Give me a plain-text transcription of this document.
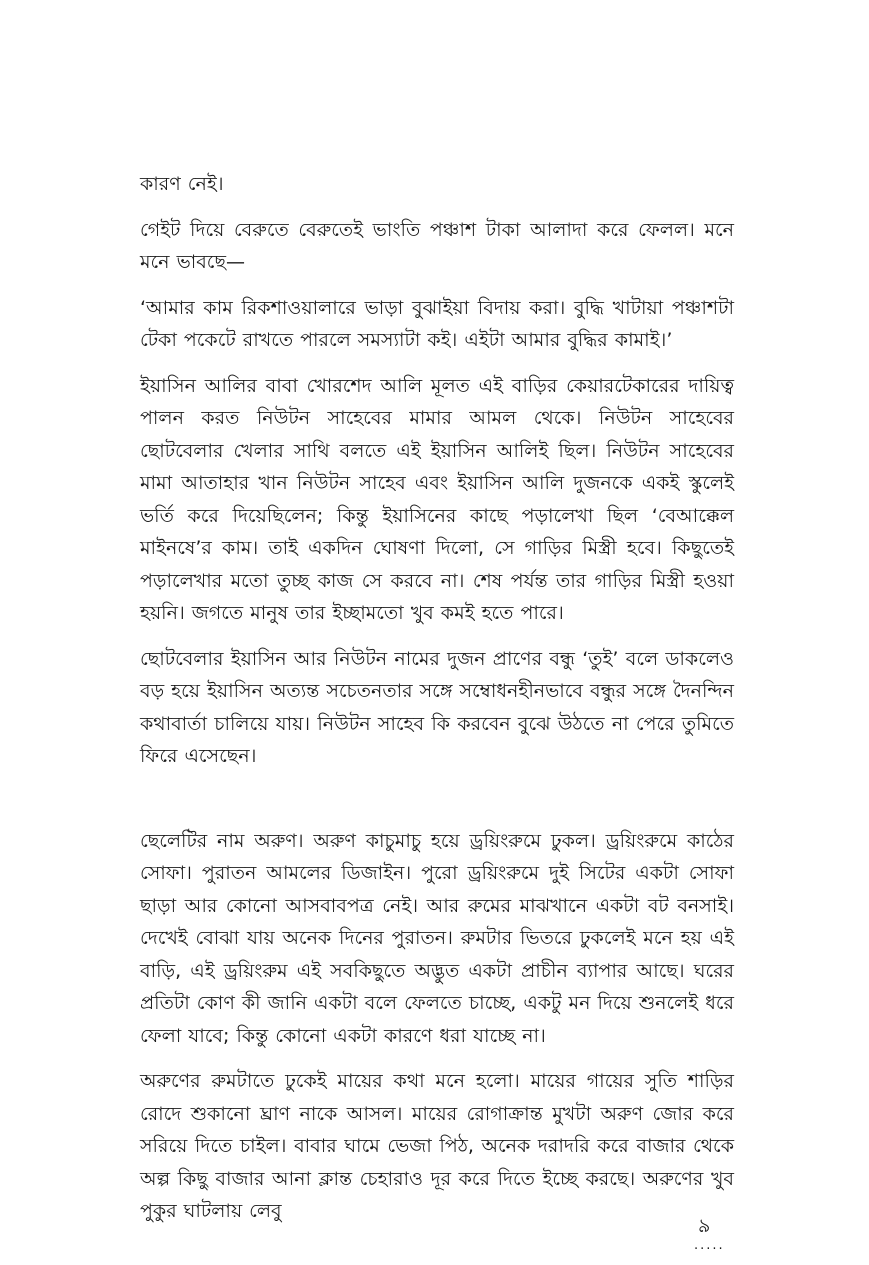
কারণ নেই।

গেইট দিয়ে বেরুতে বেরুতেই ভাংতি পঞ্চাশ টাকা আলাদা করে ফেলল। মনে মনে ভাবছে—

‘আমার কাম রিকশাওয়ালারে ভাড়া বুঝাইয়া বিদায় করা। বুদ্ধি খাটায়া পঞ্চাশটা টেকা পকেটে রাখতে পারলে সমস্যাটা কই। এইটা আমার বুদ্ধির কামাই।’

ইয়াসিন আলির বাবা খোরশেদ আলি মূলত এই বাড়ির কেয়ারটেকারের দায়িত্ব পালন করত নিউটন সাহেবের মামার আমল থেকে। নিউটন সাহেবের ছোটবেলার খেলার সাথি বলতে এই ইয়াসিন আলিই ছিল। নিউটন সাহেবের মামা আতাহার খান নিউটন সাহেব এবং ইয়াসিন আলি দুজনকে একই স্কুলেই ভর্তি করে দিয়েছিলেন; কিন্তু ইয়াসিনের কাছে পড়ালেখা ছিল ‘বেআক্কেল মাইনষে’র কাম। তাই একদিন ঘোষণা দিলো, সে গাড়ির মিস্ত্রী হবে। কিছুতেই পড়ালেখার মতো তুচ্ছ কাজ সে করবে না। শেষ পর্যন্ত তার গাড়ির মিস্ত্রী হওয়া হয়নি। জগতে মানুষ তার ইচ্ছামতো খুব কমই হতে পারে।

ছোটবেলার ইয়াসিন আর নিউটন নামের দুজন প্রাণের বন্ধু ‘তুই’ বলে ডাকলেও বড় হয়ে ইয়াসিন অত্যন্ত সচেতনতার সঙ্গে সম্বোধনহীনভাবে বন্ধুর সঙ্গে দৈনন্দিন কথাবার্তা চালিয়ে যায়। নিউটন সাহেব কি করবেন বুঝে উঠতে না পেরে তুমিতে ফিরে এসেছেন।

ছেলেটির নাম অরুণ। অরুণ কাচুমাচু হয়ে ড্রয়িংরুমে ঢুকল। ড্রয়িংরুমে কাঠের সোফা। পুরাতন আমলের ডিজাইন। পুরো ড্রয়িংরুমে দুই সিটের একটা সোফা ছাড়া আর কোনো আসবাবপত্র নেই। আর রুমের মাঝখানে একটা বট বনসাই। দেখেই বোঝা যায় অনেক দিনের পুরাতন। রুমটার ভিতরে ঢুকলেই মনে হয় এই বাড়ি, এই ড্রয়িংরুম এই সবকিছুতে অদ্ভুত একটা প্রাচীন ব্যাপার আছে। ঘরের প্রতিটা কোণ কী জানি একটা বলে ফেলতে চাচ্ছে, একটু মন দিয়ে শুনলেই ধরে ফেলা যাবে; কিন্তু কোনো একটা কারণে ধরা যাচ্ছে না।

অরুণের রুমটাতে ঢুকেই মায়ের কথা মনে হলো। মায়ের গায়ের সুতি শাড়ির রোদে শুকানো ঘ্রাণ নাকে আসল। মায়ের রোগাক্রান্ত মুখটা অরুণ জোর করে সরিয়ে দিতে চাইল। বাবার ঘামে ভেজা পিঠ, অনেক দরাদরি করে বাজার থেকে অল্প কিছু বাজার আনা ক্লান্ত চেহারাও দূর করে দিতে ইচ্ছে করছে। অরুণের খুব পুকুর ঘাটলায় লেবু

৯
.....
